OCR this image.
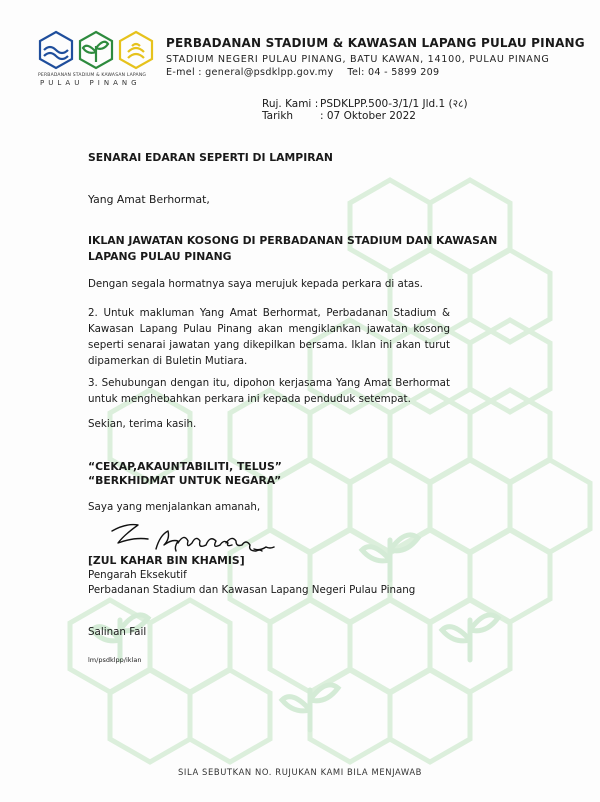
PERBADANAN STADIUM & KAWASAN LAPANG
PULAU PINANG
PERBADANAN STADIUM & KAWASAN LAPANG PULAU PINANG
STADIUM NEGERI PULAU PINANG, BATU KAWAN, 14100, PULAU PINANG
E-mel : general@psdklpp.gov.my Tel: 04 - 5899 209
Ruj. Kami : PSDKLPP.500-3/1/1 Jld.1 (२८)
Tarikh	: 07 Oktober 2022
SENARAI EDARAN SEPERTI DI LAMPIRAN
Yang Amat Berhormat,
IKLAN JAWATAN KOSONG DI PERBADANAN STADIUM DAN KAWASAN
LAPANG PULAU PINANG
Dengan segala hormatnya saya merujuk kepada perkara di atas.
2. Untuk makluman Yang Amat Berhormat, Perbadanan Stadium &
Kawasan Lapang Pulau Pinang akan mengiklankan jawatan kosong
seperti senarai jawatan yang dikepilkan bersama. Iklan ini akan turut
dipamerkan di Buletin Mutiara.
3. Sehubungan dengan itu, dipohon kerjasama Yang Amat Berhormat
untuk menghebahkan perkara ini kepada penduduk setempat.
Sekian, terima kasih.
“CEKAP,AKAUNTABILITI, TELUS”
“BERKHIDMAT UNTUK NEGARA”
Saya yang menjalankan amanah,
[ZUL KAHAR BIN KHAMIS]
Pengarah Eksekutif
Perbadanan Stadium dan Kawasan Lapang Negeri Pulau Pinang
Salinan Fail
lm/psdklpp/iklan
SILA SEBUTKAN NO. RUJUKAN KAMI BILA MENJAWAB
